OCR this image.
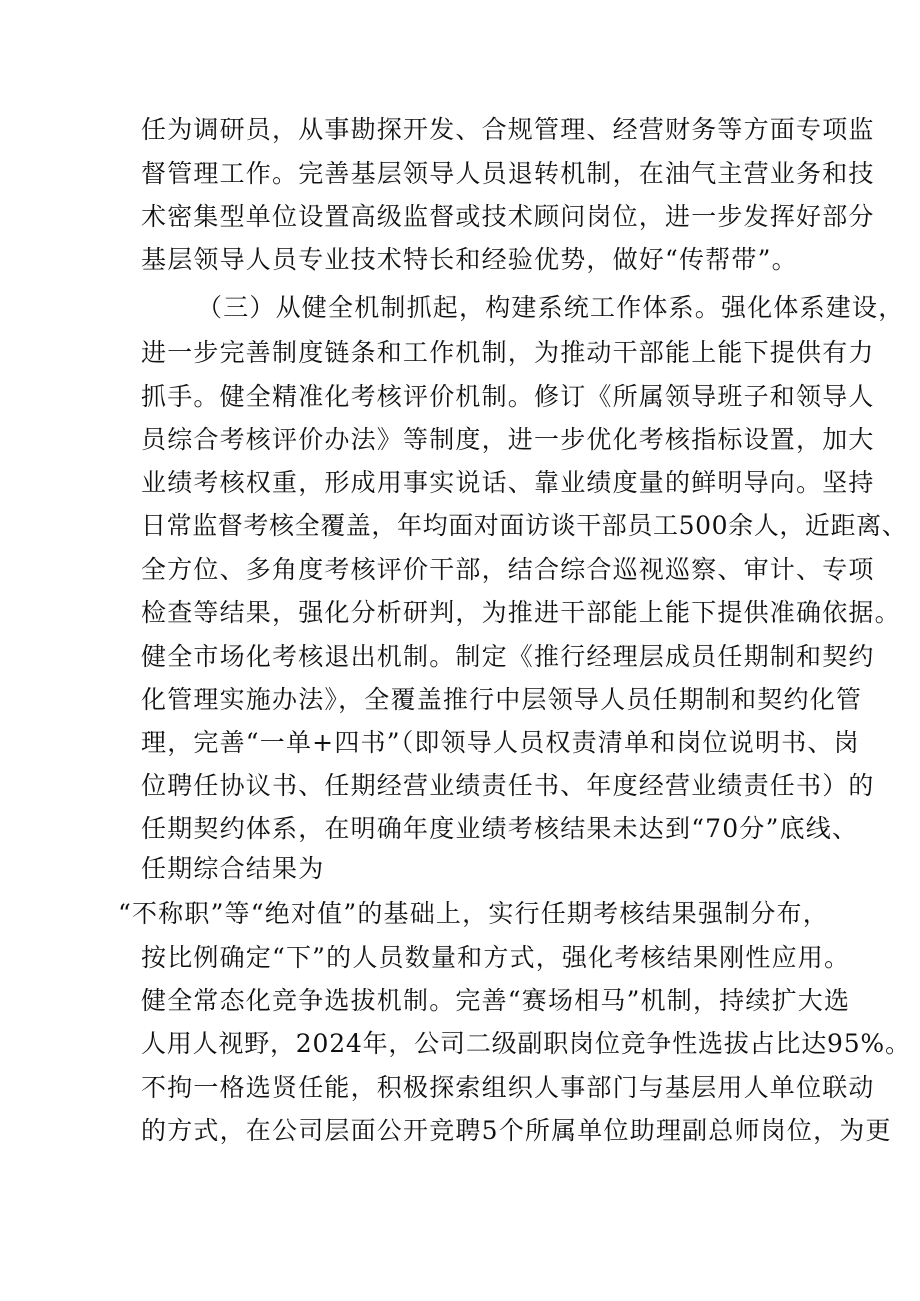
任为调研员，从事勘探开发、合规管理、经营财务等方面专项监
督管理工作。完善基层领导人员退转机制，在油气主营业务和技
术密集型单位设置高级监督或技术顾问岗位，进一步发挥好部分
基层领导人员专业技术特长和经验优势，做好“传帮带”。
（三）从健全机制抓起，构建系统工作体系。强化体系建设，
进一步完善制度链条和工作机制，为推动干部能上能下提供有力
抓手。健全精准化考核评价机制。修订《所属领导班子和领导人
员综合考核评价办法》等制度，进一步优化考核指标设置，加大
业绩考核权重，形成用事实说话、靠业绩度量的鲜明导向。坚持
日常监督考核全覆盖，年均面对面访谈干部员工500余人，近距离、
全方位、多角度考核评价干部，结合综合巡视巡察、审计、专项
检查等结果，强化分析研判，为推进干部能上能下提供准确依据。
健全市场化考核退出机制。制定《推行经理层成员任期制和契约
化管理实施办法》，全覆盖推行中层领导人员任期制和契约化管
理，完善“一单+四书”（即领导人员权责清单和岗位说明书、岗
位聘任协议书、任期经营业绩责任书、年度经营业绩责任书）的
任期契约体系，在明确年度业绩考核结果未达到“70分”底线、
任期综合结果为
“不称职”等“绝对值”的基础上，实行任期考核结果强制分布，
按比例确定“下”的人员数量和方式，强化考核结果刚性应用。
健全常态化竞争选拔机制。完善“赛场相马”机制，持续扩大选
人用人视野，2024年，公司二级副职岗位竞争性选拔占比达95%。
不拘一格选贤任能，积极探索组织人事部门与基层用人单位联动
的方式，在公司层面公开竞聘5个所属单位助理副总师岗位，为更
